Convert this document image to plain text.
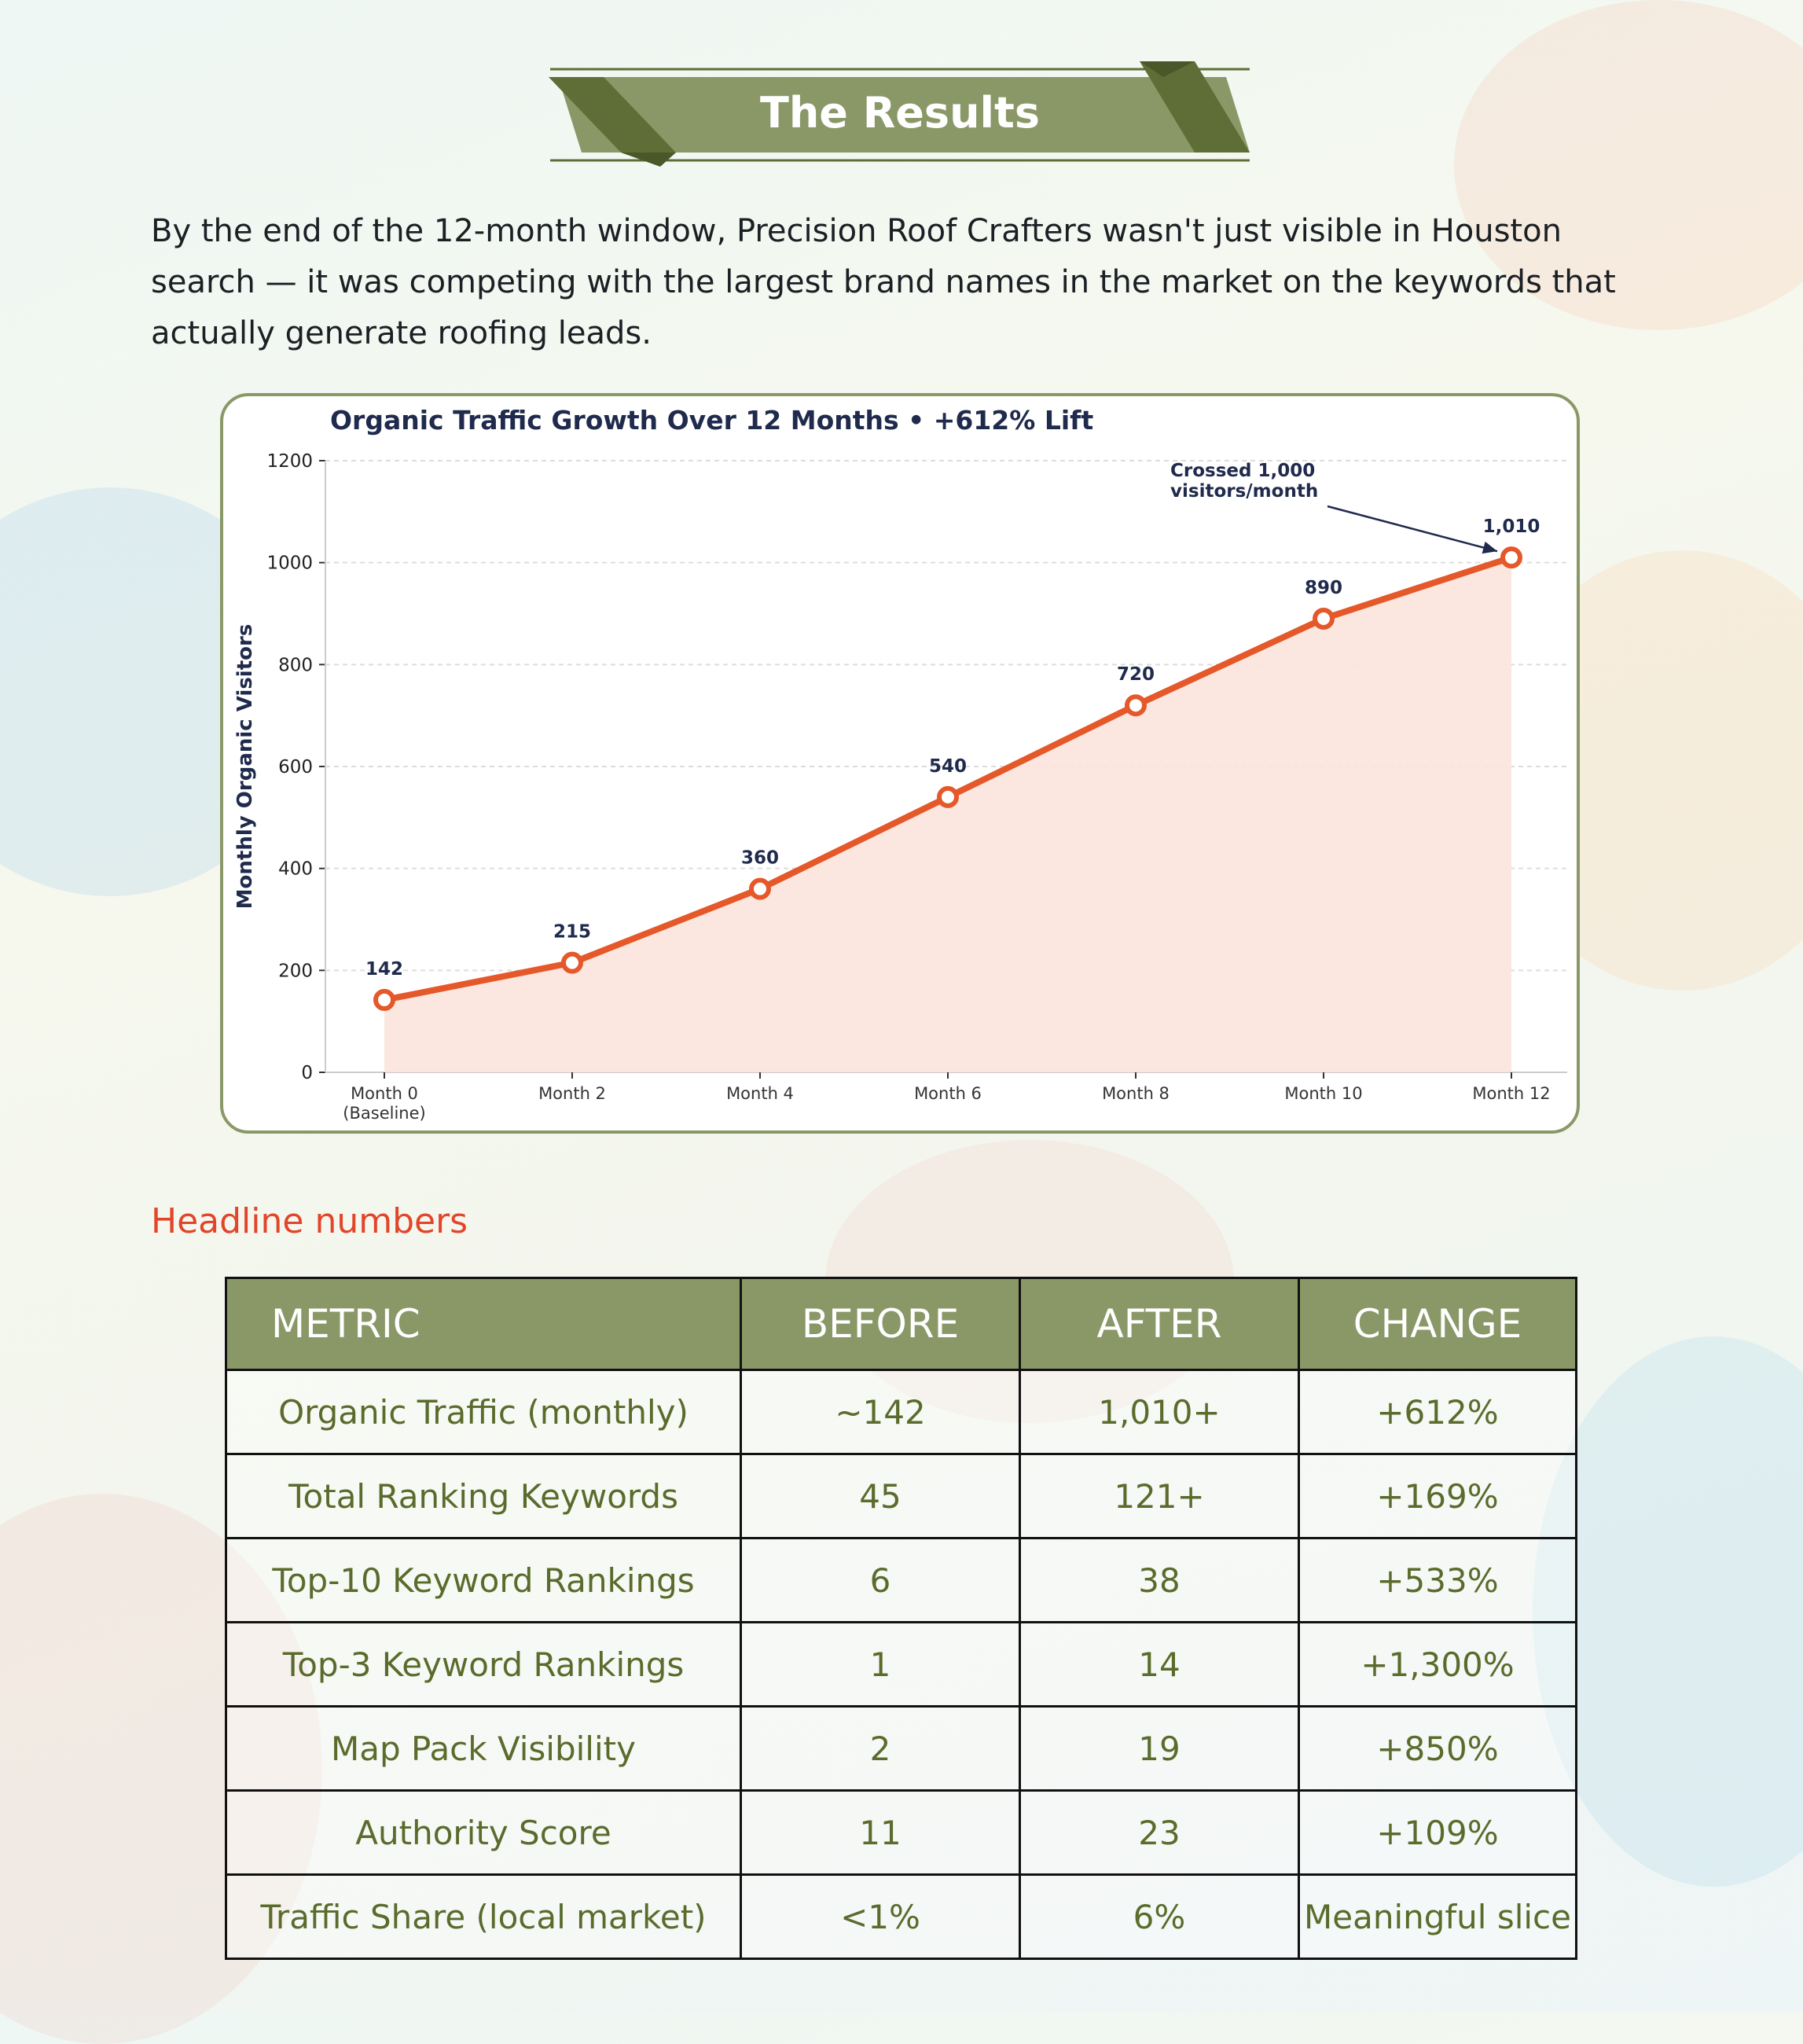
The Results
By the end of the 12-month window, Precision Roof Crafters wasn't just visible in Houston search — it was competing with the largest brand names in the market on the keywords that actually generate roofing leads.
Organic Traffic Growth Over 12 Months • +612% Lift
0
200
400
600
800
1000
1200
Monthly Organic Visitors
142
Month 0
(Baseline)
215
Month 2
360
Month 4
540
Month 6
720
Month 8
890
Month 10
1,010
Month 12
Crossed 1,000
visitors/month
Headline numbers
METRIC	BEFORE	AFTER	CHANGE
Organic Traffic (monthly)	~142	1,010+	+612%
Total Ranking Keywords	45	121+	+169%
Top-10 Keyword Rankings	6	38	+533%
Top-3 Keyword Rankings	1	14	+1,300%
Map Pack Visibility	2	19	+850%
Authority Score	11	23	+109%
Traffic Share (local market)	<1%	6%	Meaningful slice
